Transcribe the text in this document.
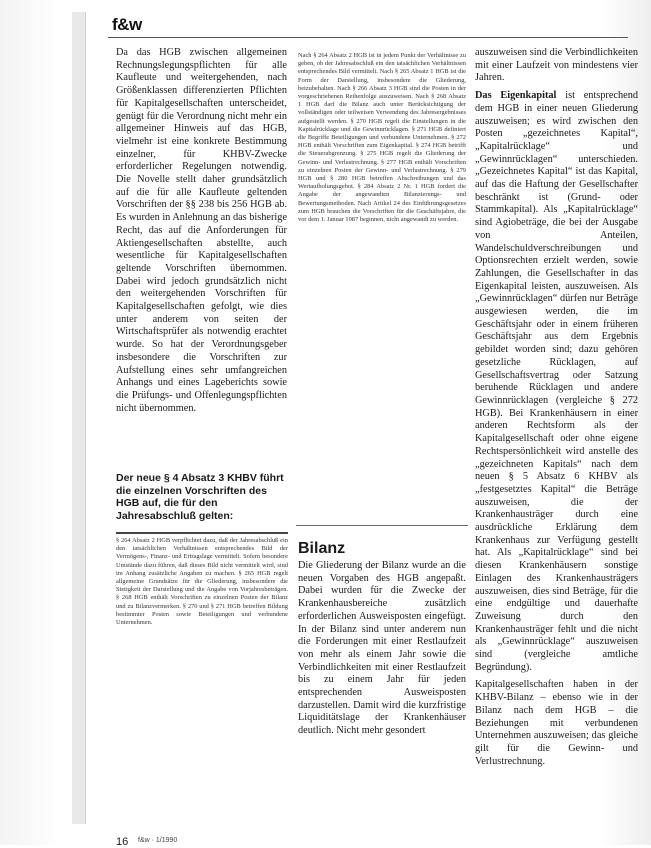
f&w

Da das HGB zwischen allgemeinen Rechnungslegungspflichten für alle Kaufleute und weitergehenden, nach Größenklassen differenzierten Pflichten für Kapitalgesellschaften unterscheidet, genügt für die Verordnung nicht mehr ein allgemeiner Hinweis auf das HGB, vielmehr ist eine konkrete Bestimmung einzelner, für KHBV-Zwecke erforderlicher Regelungen notwendig. Die Novelle stellt daher grundsätzlich auf die für alle Kaufleute geltenden Vorschriften der §§ 238 bis 256 HGB ab. Es wurden in Anlehnung an das bisherige Recht, das auf die Anforderungen für Aktiengesellschaften abstellte, auch wesentliche für Kapitalgesellschaften geltende Vorschriften übernommen. Dabei wird jedoch grundsätzlich nicht den weitergehenden Vorschriften für Kapitalgesellschaften gefolgt, wie dies unter anderem von seiten der Wirtschaftsprüfer als notwendig erachtet wurde. So hat der Verordnungsgeber insbesondere die Vorschriften zur Aufstellung eines sehr umfangreichen Anhangs und eines Lageberichts sowie die Prüfungs- und Offenlegungspflichten nicht übernommen.

Der neue § 4 Absatz 3 KHBV führt die einzelnen Vorschriften des HGB auf, die für den Jahresabschluß gelten:
§ 264 Absatz 2 HGB verpflichtet dazu, daß der Jahresabschluß ein den tatsächlichen Verhältnissen entsprechendes Bild der Vermögens-, Finanz- und Ertragslage vermittelt. Sofern besondere Umstände dazu führen, daß dieses Bild nicht vermittelt wird, sind im Anhang zusätzliche Angaben zu machen. § 265 HGB regelt allgemeine Grundsätze für die Gliederung, insbesondere die Stetigkeit der Darstellung und die Angabe von Vorjahresbeträgen. § 268 HGB enthält Vorschriften zu einzelnen Posten der Bilanz und zu Bilanzvermerken. § 270 und § 271 HGB betreffen Bildung bestimmter Posten sowie Beteiligungen und verbundene Unternehmen.

Nach § 264 Absatz 2 HGB ist in jedem Punkt der Verhältnisse zu geben, ob der Jahresabschluß ein den tatsächlichen Verhältnissen entsprechendes Bild vermittelt. Nach § 265 Absatz 1 HGB ist die Form der Darstellung, insbesondere die Gliederung, beizubehalten. Nach § 266 Absatz 3 HGB sind die Posten in der vorgeschriebenen Reihenfolge auszuweisen. Nach § 268 Absatz 1 HGB darf die Bilanz auch unter Berücksichtigung der vollständigen oder teilweisen Verwendung des Jahresergebnisses aufgestellt werden. § 270 HGB regelt die Einstellungen in die Kapitalrücklage und die Gewinnrücklagen. § 271 HGB definiert die Begriffe Beteiligungen und verbundene Unternehmen. § 272 HGB enthält Vorschriften zum Eigenkapital. § 274 HGB betrifft die Steuerabgrenzung. § 275 HGB regelt die Gliederung der Gewinn- und Verlustrechnung. § 277 HGB enthält Vorschriften zu einzelnen Posten der Gewinn- und Verlustrechnung. § 279 HGB und § 280 HGB betreffen Abschreibungen und das Wertaufholungsgebot. § 284 Absatz 2 Nr. 1 HGB fordert die Angabe der angewandten Bilanzierungs- und Bewertungsmethoden. Nach Artikel 24 des Einführungsgesetzes zum HGB brauchen die Vorschriften für die Geschäftsjahre, die vor dem 1. Januar 1987 beginnen, nicht angewandt zu werden.

Bilanz

Die Gliederung der Bilanz wurde an die neuen Vorgaben des HGB angepaßt. Dabei wurden für die Zwecke der Krankenhausbereiche zusätzlich erforderlichen Ausweisposten eingefügt. In der Bilanz sind unter anderem nun die Forderungen mit einer Restlaufzeit von mehr als einem Jahr sowie die Verbindlichkeiten mit einer Restlaufzeit bis zu einem Jahr für jeden entsprechenden Ausweisposten darzustellen. Damit wird die kurzfristige Liquiditätslage der Krankenhäuser deutlich. Nicht mehr gesondert

auszuweisen sind die Verbindlichkeiten mit einer Laufzeit von mindestens vier Jahren.

Das Eigenkapital ist entsprechend dem HGB in einer neuen Gliederung auszuweisen; es wird zwischen den Posten „gezeichnetes Kapital“, „Kapitalrücklage“ und „Gewinnrücklagen“ unterschieden. „Gezeichnetes Kapital“ ist das Kapital, auf das die Haftung der Gesellschafter beschränkt ist (Grund- oder Stammkapital). Als „Kapitalrücklage“ sind Agiobeträge, die bei der Ausgabe von Anteilen, Wandelschuldverschreibungen und Optionsrechten erzielt werden, sowie Zahlungen, die Gesellschafter in das Eigenkapital leisten, auszuweisen. Als „Gewinnrücklagen“ dürfen nur Beträge ausgewiesen werden, die im Geschäftsjahr oder in einem früheren Geschäftsjahr aus dem Ergebnis gebildet worden sind; dazu gehören gesetzliche Rücklagen, auf Gesellschaftsvertrag oder Satzung beruhende Rücklagen und andere Gewinnrücklagen (vergleiche § 272 HGB). Bei Krankenhäusern in einer anderen Rechtsform als der Kapitalgesellschaft oder ohne eigene Rechtspersönlichkeit wird anstelle des „gezeichneten Kapitals“ nach dem neuen § 5 Absatz 6 KHBV als „festgesetztes Kapital“ die Beträge auszuweisen, die der Krankenhausträger durch eine ausdrückliche Erklärung dem Krankenhaus zur Verfügung gestellt hat. Als „Kapitalrücklage“ sind bei diesen Krankenhäusern sonstige Einlagen des Krankenhausträgers auszuweisen, dies sind Beträge, für die eine endgültige und dauerhafte Zuweisung durch den Krankenhausträger fehlt und die nicht als „Gewinnrücklage“ auszuweisen sind (vergleiche amtliche Begründung).

Kapitalgesellschaften haben in der KHBV-Bilanz – ebenso wie in der Bilanz nach dem HGB – die Beziehungen mit verbundenen Unternehmen auszuweisen; das gleiche gilt für die Gewinn- und Verlustrechnung.

16 f&w · 1/1990
